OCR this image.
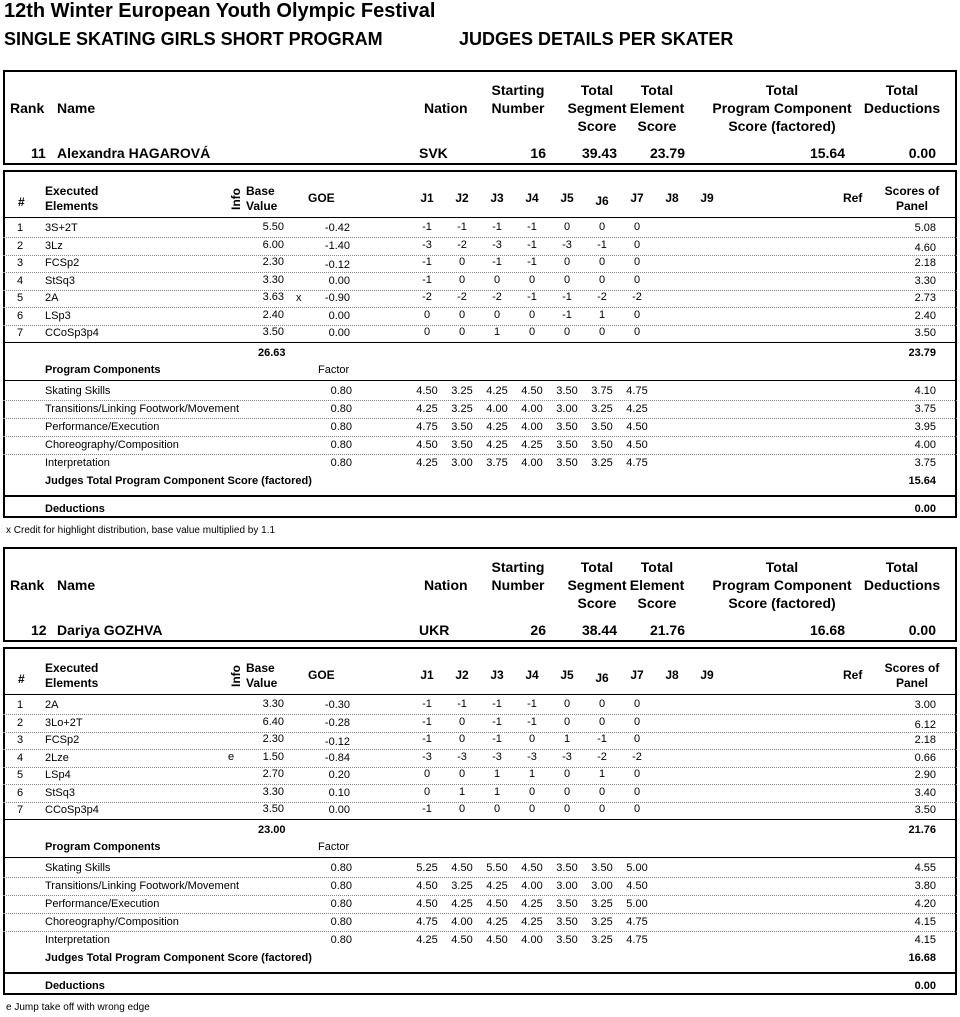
12th Winter European Youth Olympic Festival
SINGLE SKATING GIRLS SHORT PROGRAM	JUDGES DETAILS PER SKATER
Rank Name	Nation
Starting
Number
Total
Segment
Score
Total
Element
Score
Total
Program Component
Score (factored)
Total
Deductions
11 Alexandra HAGAROVÁ	SVK	16	39.43	23.79	15.64	0.00
#
Executed
Elements	Info Base
Value
GOE	J1	J2	J3	J4	J5	J6	J7	J8	J9	Ref	Scores of
Panel
1 3S+2T	5.50	-0.42	-1	-1	-1	-1	0	0	0	5.08
2 3Lz	6.00	-1.40	-3	-2	-3	-1	-3	-1	0	4.60
3 FCSp2	2.30	-0.12	-1	0	-1	-1	0	0	0	2.18
4 StSq3	3.30	0.00	-1	0	0	0	0	0	0	3.30
5 2A	3.63 x	-0.90	-2	-2	-2	-1	-1	-2	-2	2.73
6 LSp3	2.40	0.00	0	0	0	0	-1	1	0	2.40
7 CCoSp3p4	3.50	0.00	0	0	1	0	0	0	0	3.50
26.63	23.79
Program Components	Factor
Skating Skills	0.80	4.50	3.25	4.25	4.50	3.50	3.75	4.75	4.10
Transitions/Linking Footwork/Movement	0.80	4.25	3.25	4.00	4.00	3.00	3.25	4.25	3.75
Performance/Execution	0.80	4.75	3.50	4.25	4.00	3.50	3.50	4.50	3.95
Choreography/Composition	0.80	4.50	3.50	4.25	4.25	3.50	3.50	4.50	4.00
Interpretation	0.80	4.25	3.00	3.75	4.00	3.50	3.25	4.75	3.75
Judges Total Program Component Score (factored)	15.64
Deductions	0.00
x Credit for highlight distribution, base value multiplied by 1.1
Rank Name	Nation
Starting
Number
Total
Segment
Score
Total
Element
Score
Total
Program Component
Score (factored)
Total
Deductions
12 Dariya GOZHVA	UKR	26	38.44	21.76	16.68	0.00
#
Executed
Elements	Info Base
Value
GOE	J1	J2	J3	J4	J5	J6	J7	J8	J9	Ref	Scores of
Panel
1 2A	3.30	-0.30	-1	-1	-1	-1	0	0	0	3.00
2 3Lo+2T	6.40	-0.28	-1	0	-1	-1	0	0	0	6.12
3 FCSp2	2.30	-0.12	-1	0	-1	0	1	-1	0	2.18
4 2Lze	e	1.50	-0.84	-3	-3	-3	-3	-3	-2	-2	0.66
5 LSp4	2.70	0.20	0	0	1	1	0	1	0	2.90
6 StSq3	3.30	0.10	0	1	1	0	0	0	0	3.40
7 CCoSp3p4	3.50	0.00	-1	0	0	0	0	0	0	3.50
23.00	21.76
Program Components	Factor
Skating Skills	0.80	5.25	4.50	5.50	4.50	3.50	3.50	5.00	4.55
Transitions/Linking Footwork/Movement	0.80	4.50	3.25	4.25	4.00	3.00	3.00	4.50	3.80
Performance/Execution	0.80	4.50	4.25	4.50	4.25	3.50	3.25	5.00	4.20
Choreography/Composition	0.80	4.75	4.00	4.25	4.25	3.50	3.25	4.75	4.15
Interpretation	0.80	4.25	4.50	4.50	4.00	3.50	3.25	4.75	4.15
Judges Total Program Component Score (factored)	16.68
Deductions	0.00
e Jump take off with wrong edge
